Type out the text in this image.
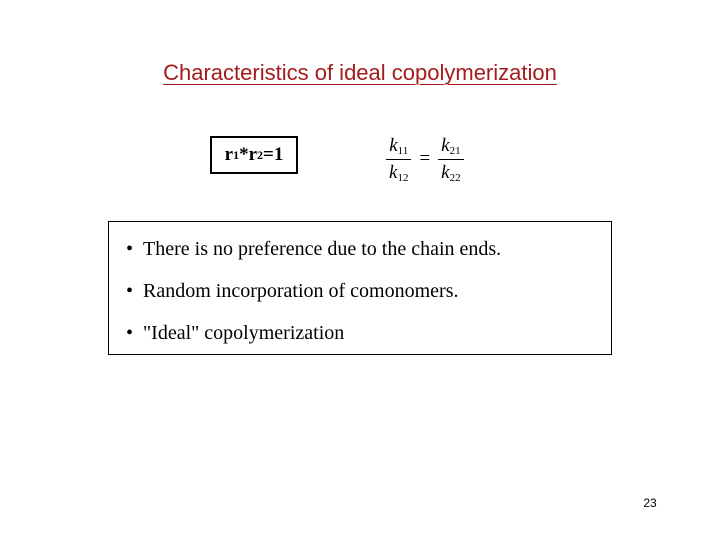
Characteristics of ideal copolymerization
r 1 * r 2 =1	$\frac{k_{11}}{k_{12}} = \frac{k_{21}}{k_{22}}$
• There is no preference due to the chain ends.
• Random incorporation of comonomers.
• "Ideal" copolymerization
23
